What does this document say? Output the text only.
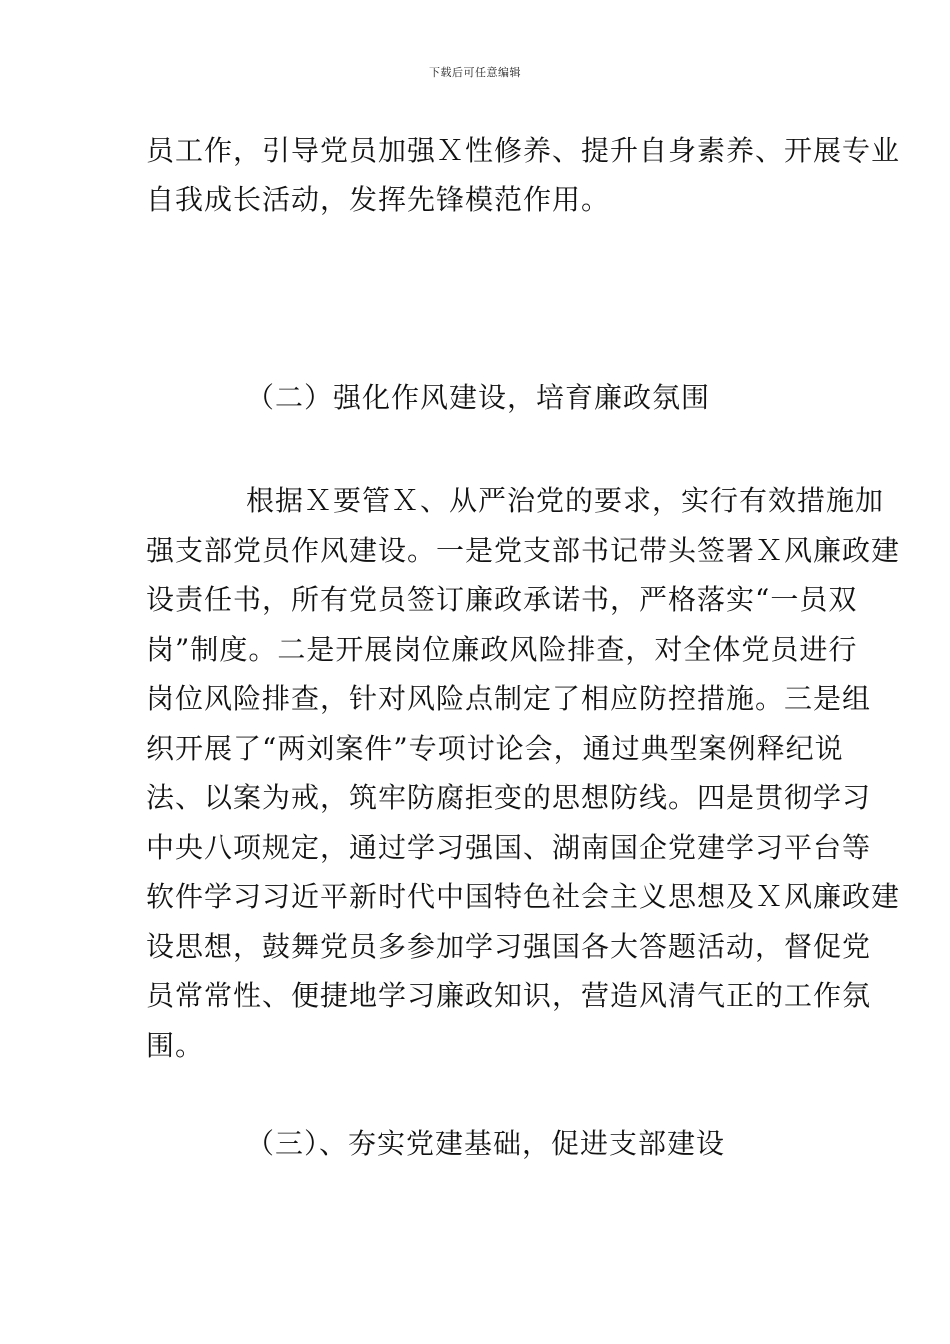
下载后可任意编辑
员工作，引导党员加强Ｘ性修养、提升自身素养、开展专业
自我成长活动，发挥先锋模范作用。
（二）强化作风建设，培育廉政氛围
根据Ｘ要管Ｘ、从严治党的要求，实行有效措施加
强支部党员作风建设。一是党支部书记带头签署Ｘ风廉政建
设责任书，所有党员签订廉政承诺书，严格落实“一员双
岗”制度。二是开展岗位廉政风险排查，对全体党员进行
岗位风险排查，针对风险点制定了相应防控措施。三是组
织开展了“两刘案件”专项讨论会，通过典型案例释纪说
法、以案为戒，筑牢防腐拒变的思想防线。四是贯彻学习
中央八项规定，通过学习强国、湖南国企党建学习平台等
软件学习习近平新时代中国特色社会主义思想及Ｘ风廉政建
设思想，鼓舞党员多参加学习强国各大答题活动，督促党
员常常性、便捷地学习廉政知识，营造风清气正的工作氛
围。
（三）、夯实党建基础，促进支部建设
